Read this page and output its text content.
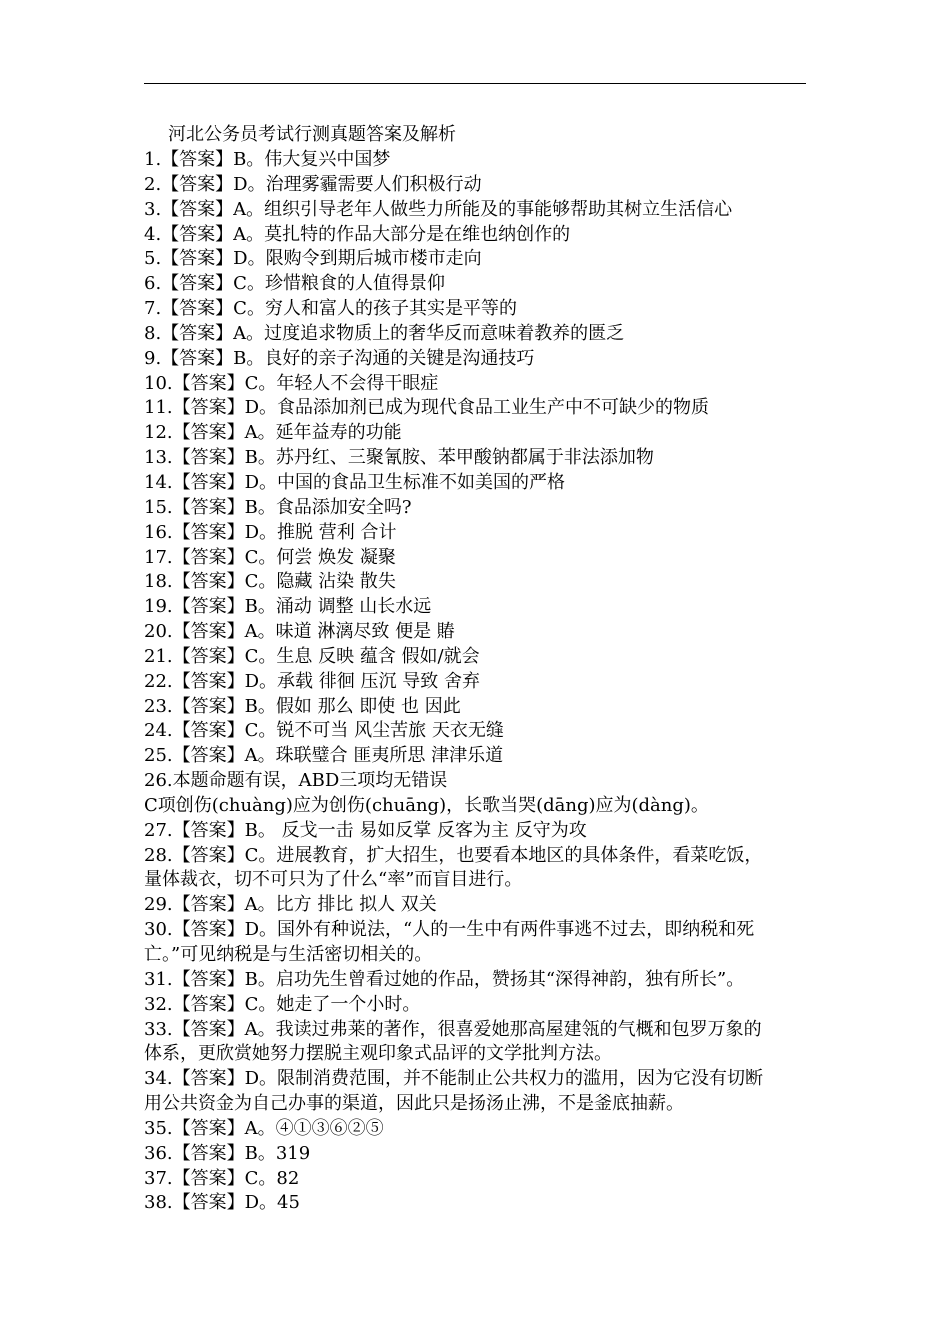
河北公务员考试行测真题答案及解析
1.【答案】B。伟大复兴中国梦
2.【答案】D。治理雾霾需要人们积极行动
3.【答案】A。组织引导老年人做些力所能及的事能够帮助其树立生活信心
4.【答案】A。莫扎特的作品大部分是在维也纳创作的
5.【答案】D。限购令到期后城市楼市走向
6.【答案】C。珍惜粮食的人值得景仰
7.【答案】C。穷人和富人的孩子其实是平等的
8.【答案】A。过度追求物质上的奢华反而意味着教养的匮乏
9.【答案】B。良好的亲子沟通的关键是沟通技巧
10.【答案】C。年轻人不会得干眼症
11.【答案】D。食品添加剂已成为现代食品工业生产中不可缺少的物质
12.【答案】A。延年益寿的功能
13.【答案】B。苏丹红、三聚氰胺、苯甲酸钠都属于非法添加物
14.【答案】D。中国的食品卫生标准不如美国的严格
15.【答案】B。食品添加安全吗?
16.【答案】D。推脱 营利 合计
17.【答案】C。何尝 焕发 凝聚
18.【答案】C。隐藏 沾染 散失
19.【答案】B。涌动 调整 山长水远
20.【答案】A。味道 淋漓尽致 便是 賰
21.【答案】C。生息 反映 蕴含 假如/就会
22.【答案】D。承载 徘徊 压沉 导致 舍弃
23.【答案】B。假如 那么 即使 也 因此
24.【答案】C。锐不可当 风尘苦旅 天衣无缝
25.【答案】A。珠联璧合 匪夷所思 津津乐道
26.本题命题有误，ABD三项均无错误
C项创伤(chuàng)应为创伤(chuāng)，长歌当哭(dāng)应为(dàng)。
27.【答案】B。 反戈一击 易如反掌 反客为主 反守为攻
28.【答案】C。进展教育，扩大招生，也要看本地区的具体条件，看菜吃饭，
量体裁衣，切不可只为了什么“率”而盲目进行。
29.【答案】A。比方 排比 拟人 双关
30.【答案】D。国外有种说法，“人的一生中有两件事逃不过去，即纳税和死
亡。”可见纳税是与生活密切相关的。
31.【答案】B。启功先生曾看过她的作品，赞扬其“深得神韵，独有所长”。
32.【答案】C。她走了一个小时。
33.【答案】A。我读过弗莱的著作，很喜爱她那高屋建瓴的气概和包罗万象的
体系，更欣赏她努力摆脱主观印象式品评的文学批判方法。
34.【答案】D。限制消费范围，并不能制止公共权力的滥用，因为它没有切断
用公共资金为自己办事的渠道，因此只是扬汤止沸，不是釜底抽薪。
35.【答案】A。④①③⑥②⑤
36.【答案】B。319
37.【答案】C。82
38.【答案】D。45
